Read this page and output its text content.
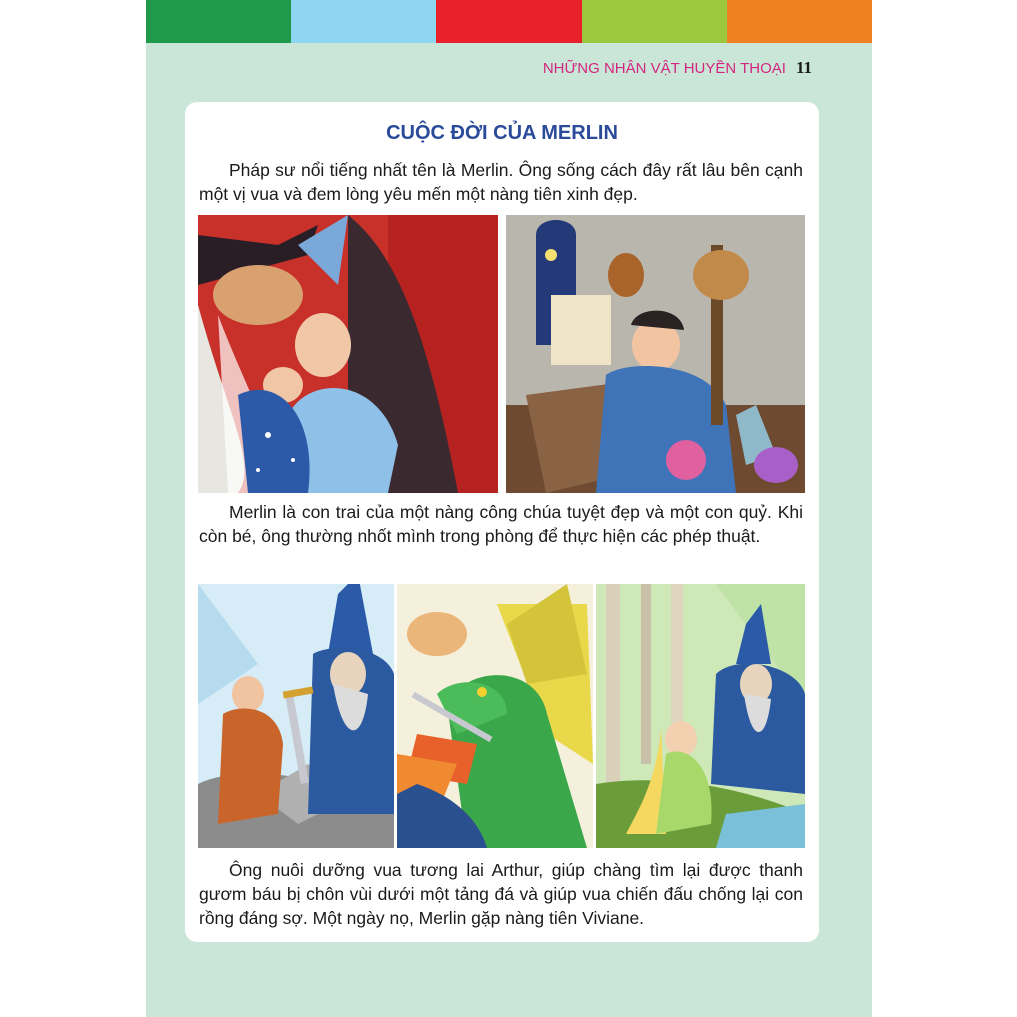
NHỮNG NHÂN VẬT HUYỀN THOẠI 11
CUỘC ĐỜI CỦA MERLIN
Pháp sư nổi tiếng nhất tên là Merlin. Ông sống cách đây rất lâu bên cạnh một vị vua và đem lòng yêu mến một nàng tiên xinh đẹp.
Merlin là con trai của một nàng công chúa tuyệt đẹp và một con quỷ. Khi còn bé, ông thường nhốt mình trong phòng để thực hiện các phép thuật.
Ông nuôi dưỡng vua tương lai Arthur, giúp chàng tìm lại được thanh gươm báu bị chôn vùi dưới một tảng đá và giúp vua chiến đấu chống lại con rồng đáng sợ. Một ngày nọ, Merlin gặp nàng tiên Viviane.
